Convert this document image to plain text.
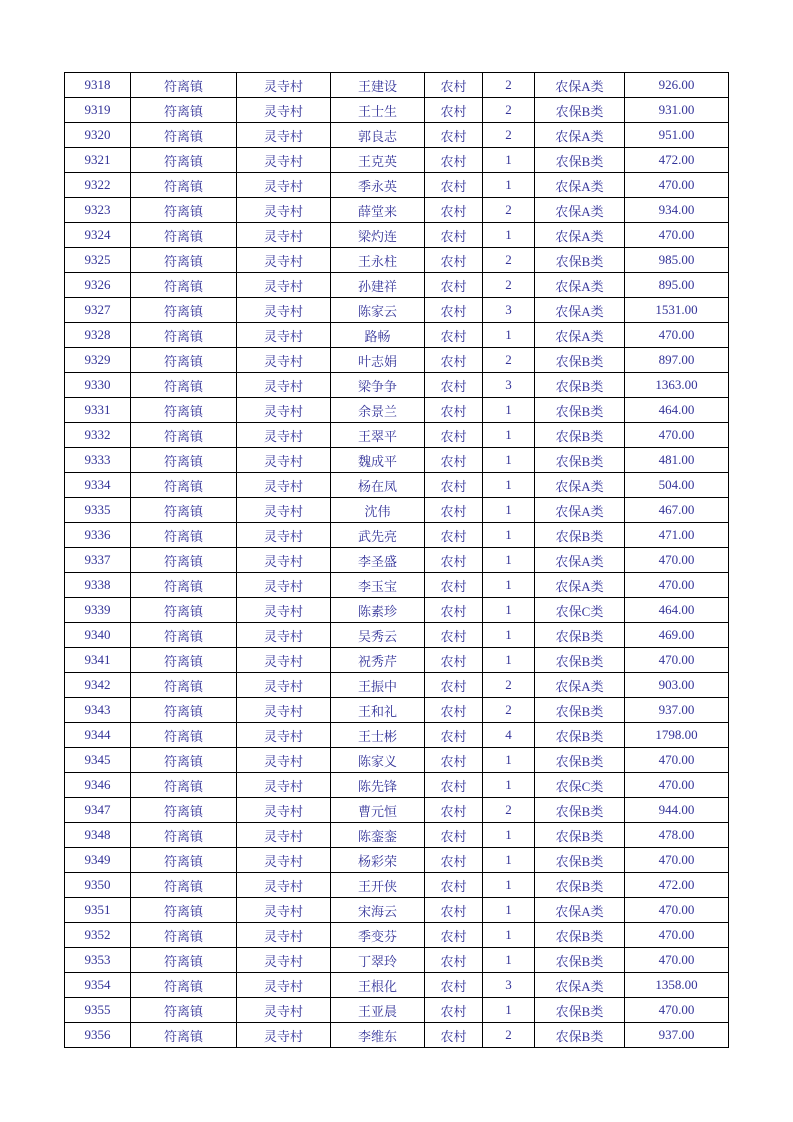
9318	符离镇	灵寺村	王建设	农村	2	农保A类	926.00
9319	符离镇	灵寺村	王士生	农村	2	农保B类	931.00
9320	符离镇	灵寺村	郭良志	农村	2	农保A类	951.00
9321	符离镇	灵寺村	王克英	农村	1	农保B类	472.00
9322	符离镇	灵寺村	季永英	农村	1	农保A类	470.00
9323	符离镇	灵寺村	薛堂来	农村	2	农保A类	934.00
9324	符离镇	灵寺村	梁灼连	农村	1	农保A类	470.00
9325	符离镇	灵寺村	王永柱	农村	2	农保B类	985.00
9326	符离镇	灵寺村	孙建祥	农村	2	农保A类	895.00
9327	符离镇	灵寺村	陈家云	农村	3	农保A类	1531.00
9328	符离镇	灵寺村	路畅	农村	1	农保A类	470.00
9329	符离镇	灵寺村	叶志娟	农村	2	农保B类	897.00
9330	符离镇	灵寺村	梁争争	农村	3	农保B类	1363.00
9331	符离镇	灵寺村	余景兰	农村	1	农保B类	464.00
9332	符离镇	灵寺村	王翠平	农村	1	农保B类	470.00
9333	符离镇	灵寺村	魏成平	农村	1	农保B类	481.00
9334	符离镇	灵寺村	杨在凤	农村	1	农保A类	504.00
9335	符离镇	灵寺村	沈伟	农村	1	农保A类	467.00
9336	符离镇	灵寺村	武先亮	农村	1	农保B类	471.00
9337	符离镇	灵寺村	李圣盛	农村	1	农保A类	470.00
9338	符离镇	灵寺村	李玉宝	农村	1	农保A类	470.00
9339	符离镇	灵寺村	陈素珍	农村	1	农保C类	464.00
9340	符离镇	灵寺村	吴秀云	农村	1	农保B类	469.00
9341	符离镇	灵寺村	祝秀芹	农村	1	农保B类	470.00
9342	符离镇	灵寺村	王振中	农村	2	农保A类	903.00
9343	符离镇	灵寺村	王和礼	农村	2	农保B类	937.00
9344	符离镇	灵寺村	王士彬	农村	4	农保B类	1798.00
9345	符离镇	灵寺村	陈家义	农村	1	农保B类	470.00
9346	符离镇	灵寺村	陈先锋	农村	1	农保C类	470.00
9347	符离镇	灵寺村	曹元恒	农村	2	农保B类	944.00
9348	符离镇	灵寺村	陈銮銮	农村	1	农保B类	478.00
9349	符离镇	灵寺村	杨彩荣	农村	1	农保B类	470.00
9350	符离镇	灵寺村	王开侠	农村	1	农保B类	472.00
9351	符离镇	灵寺村	宋海云	农村	1	农保A类	470.00
9352	符离镇	灵寺村	季变芬	农村	1	农保B类	470.00
9353	符离镇	灵寺村	丁翠玲	农村	1	农保B类	470.00
9354	符离镇	灵寺村	王根化	农村	3	农保A类	1358.00
9355	符离镇	灵寺村	王亚晨	农村	1	农保B类	470.00
9356	符离镇	灵寺村	李维东	农村	2	农保B类	937.00
